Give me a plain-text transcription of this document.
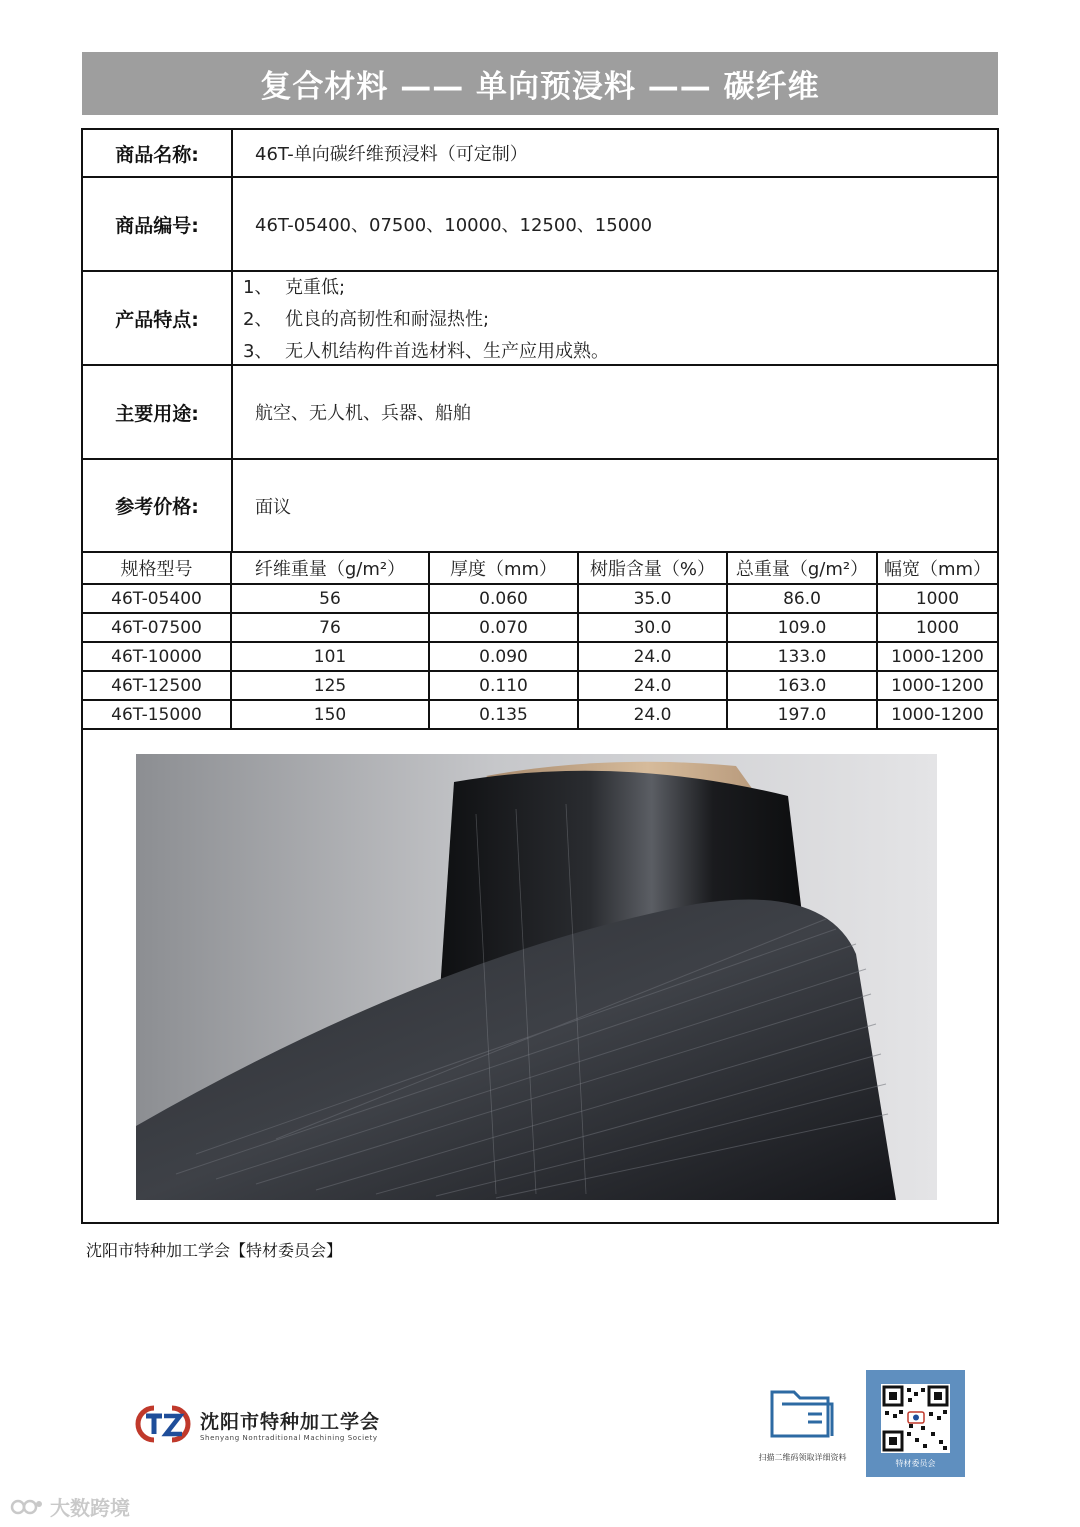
复合材料 —— 单向预浸料 —— 碳纤维
商品名称:	46T-单向碳纤维预浸料（可定制）
商品编号:	46T-05400、07500、10000、12500、15000
产品特点:
1、 克重低;
2、 优良的高韧性和耐湿热性;
3、 无人机结构件首选材料、生产应用成熟。
主要用途:	航空、无人机、兵器、船舶
参考价格:	面议
规格型号	纤维重量（g/m²）	厚度（mm）	树脂含量（%）	总重量（g/m²）	幅宽（mm）
46T-05400	56	0.060	35.0	86.0	1000
46T-07500	76	0.070	30.0	109.0	1000
46T-10000	101	0.090	24.0	133.0	1000-1200
46T-12500	125	0.110	24.0	163.0	1000-1200
46T-15000	150	0.135	24.0	197.0	1000-1200
沈阳市特种加工学会【特材委员会】
沈阳市特种加工学会
Shenyang Nontraditional Machining Society
扫描二维码领取详细资料
特材委员会
大数跨境
